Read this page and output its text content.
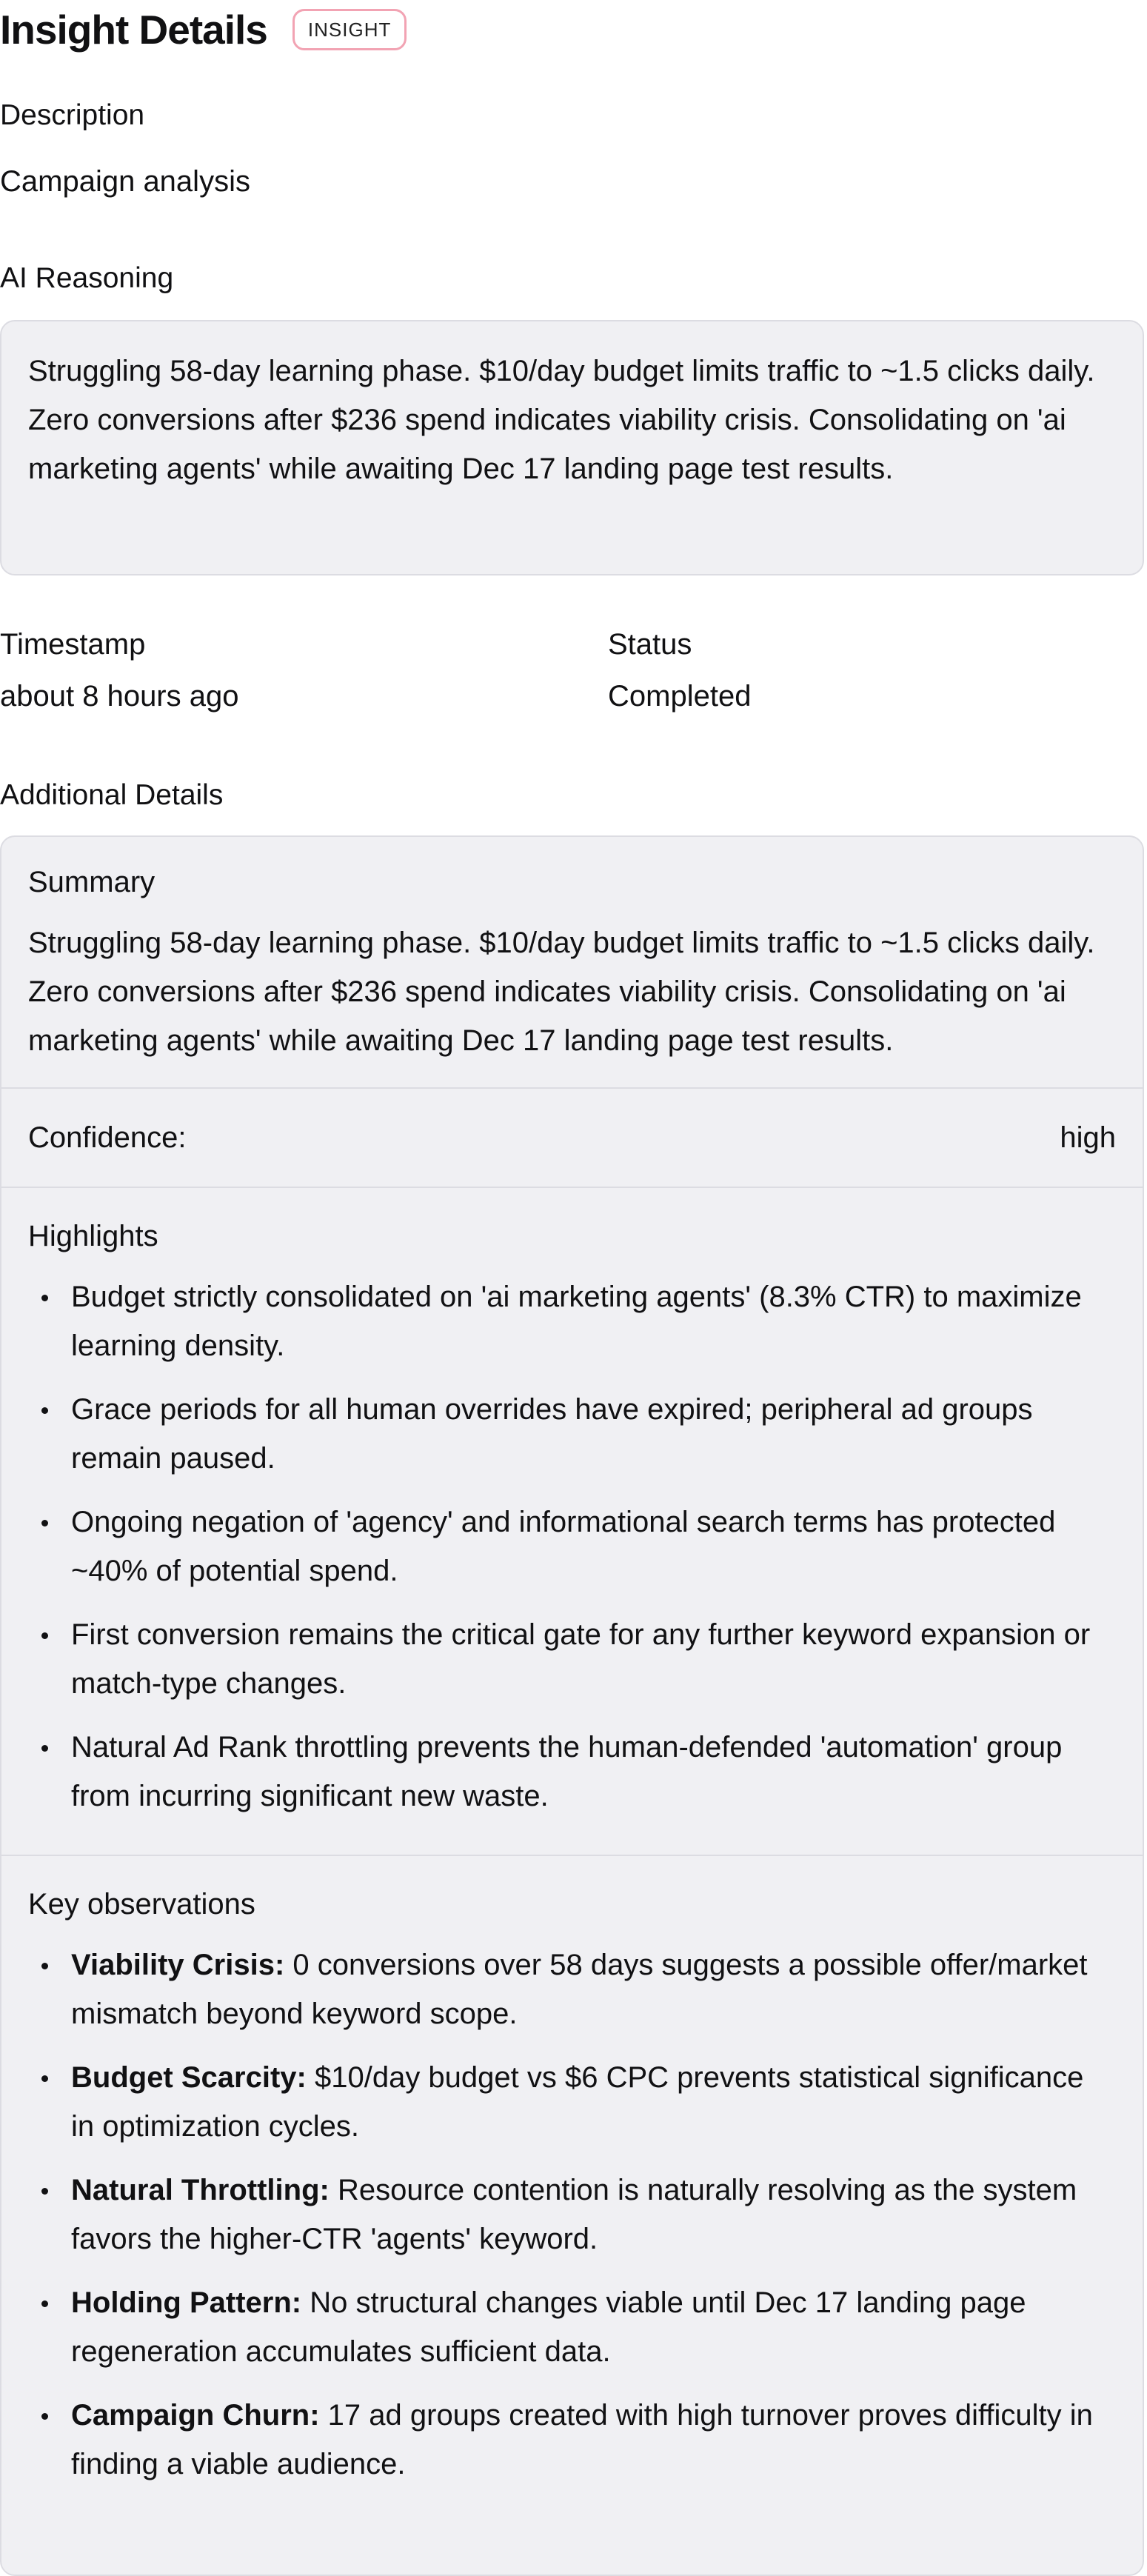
Insight Details	INSIGHT
Description
Campaign analysis
AI Reasoning

Struggling 58-day learning phase. $10/day budget limits traffic to ~1.5 clicks daily. Zero conversions after $236 spend indicates viability crisis. Consolidating on 'ai marketing agents' while awaiting Dec 17 landing page test results.

Timestamp
about 8 hours ago
Status
Completed
Additional Details
Summary
Struggling 58-day learning phase. $10/day budget limits traffic to ~1.5 clicks daily. Zero conversions after $236 spend indicates viability crisis. Consolidating on 'ai marketing agents' while awaiting Dec 17 landing page test results.
Confidence:	high
Highlights
Budget strictly consolidated on 'ai marketing agents' (8.3% CTR) to maximize learning density.
Grace periods for all human overrides have expired; peripheral ad groups remain paused.
Ongoing negation of 'agency' and informational search terms has protected ~40% of potential spend.
First conversion remains the critical gate for any further keyword expansion or match-type changes.
Natural Ad Rank throttling prevents the human-defended 'automation' group from incurring significant new waste.
Key observations
Viability Crisis: 0 conversions over 58 days suggests a possible offer/market mismatch beyond keyword scope.
Budget Scarcity: $10/day budget vs $6 CPC prevents statistical significance in optimization cycles.
Natural Throttling: Resource contention is naturally resolving as the system favors the higher-CTR 'agents' keyword.
Holding Pattern: No structural changes viable until Dec 17 landing page regeneration accumulates sufficient data.
Campaign Churn: 17 ad groups created with high turnover proves difficulty in finding a viable audience.
